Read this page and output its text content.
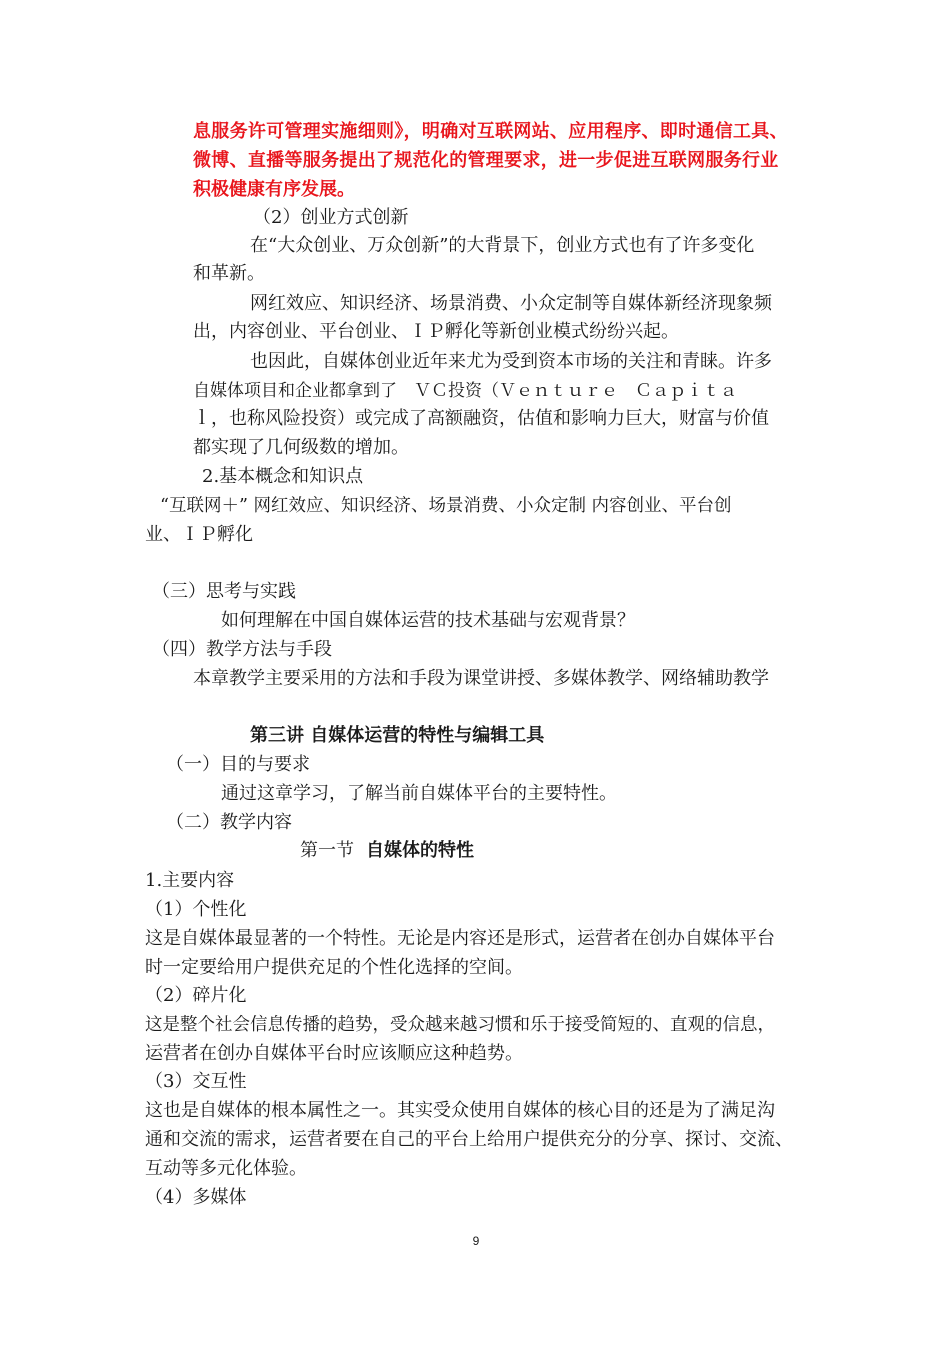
息服务许可管理实施细则》，明确对互联网站、应用程序、即时通信工具、
微博、直播等服务提出了规范化的管理要求，进一步促进互联网服务行业
积极健康有序发展。
（2）创业方式创新
在“大众创业、万众创新”的大背景下，创业方式也有了许多变化
和革新。
网红效应、知识经济、场景消费、小众定制等自媒体新经济现象频
出，内容创业、平台创业、ＩＰ孵化等新创业模式纷纷兴起。
也因此，自媒体创业近年来尤为受到资本市场的关注和青睐。许多
自媒体项目和企业都拿到了　ＶＣ投资（Ｖｅｎｔｕｒｅ　Ｃａｐｉｔａ
ｌ，也称风险投资）或完成了高额融资，估值和影响力巨大，财富与价值
都实现了几何级数的增加。
2.基本概念和知识点
“互联网＋” 网红效应、知识经济、场景消费、小众定制 内容创业、平台创
业、ＩＰ孵化
（三）思考与实践
如何理解在中国自媒体运营的技术基础与宏观背景？
（四）教学方法与手段
本章教学主要采用的方法和手段为课堂讲授、多媒体教学、网络辅助教学
第三讲 自媒体运营的特性与编辑工具
（一）目的与要求
通过这章学习，了解当前自媒体平台的主要特性。
（二）教学内容
第一节 自媒体的特性
1.主要内容
（1）个性化
这是自媒体最显著的一个特性。无论是内容还是形式，运营者在创办自媒体平台
时一定要给用户提供充足的个性化选择的空间。
（2）碎片化
这是整个社会信息传播的趋势，受众越来越习惯和乐于接受简短的、直观的信息，
运营者在创办自媒体平台时应该顺应这种趋势。
（3）交互性
这也是自媒体的根本属性之一。其实受众使用自媒体的核心目的还是为了满足沟
通和交流的需求，运营者要在自己的平台上给用户提供充分的分享、探讨、交流、
互动等多元化体验。
（4）多媒体
9
